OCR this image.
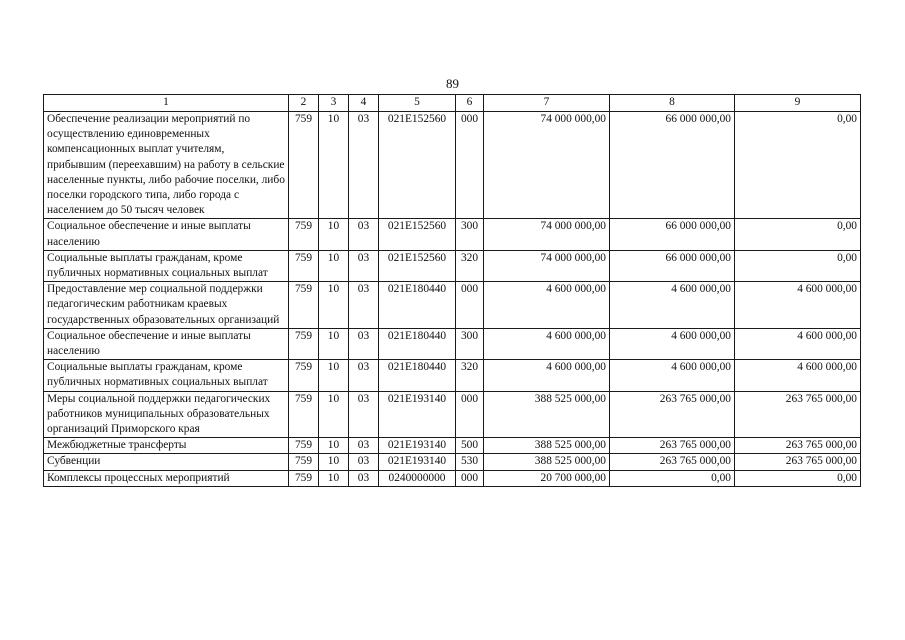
89
1	2	3	4	5	6	7	8	9
Обеспечение реализации мероприятий по осуществлению единовременных компенсационных выплат учителям, прибывшим (переехавшим) на работу в сельские населенные пункты, либо рабочие поселки, либо поселки городского типа, либо города с населением до 50 тысяч человек	759	10	03	021E152560	000	74 000 000,00	66 000 000,00	0,00
Социальное обеспечение и иные выплаты населению	759	10	03	021E152560	300	74 000 000,00	66 000 000,00	0,00
Социальные выплаты гражданам, кроме публичных нормативных социальных выплат	759	10	03	021E152560	320	74 000 000,00	66 000 000,00	0,00
Предоставление мер социальной поддержки педагогическим работникам краевых государственных образовательных организаций	759	10	03	021E180440	000	4 600 000,00	4 600 000,00	4 600 000,00
Социальное обеспечение и иные выплаты населению	759	10	03	021E180440	300	4 600 000,00	4 600 000,00	4 600 000,00
Социальные выплаты гражданам, кроме публичных нормативных социальных выплат	759	10	03	021E180440	320	4 600 000,00	4 600 000,00	4 600 000,00
Меры социальной поддержки педагогических работников муниципальных образовательных организаций Приморского края	759	10	03	021E193140	000	388 525 000,00	263 765 000,00	263 765 000,00
Межбюджетные трансферты	759	10	03	021E193140	500	388 525 000,00	263 765 000,00	263 765 000,00
Субвенции	759	10	03	021E193140	530	388 525 000,00	263 765 000,00	263 765 000,00
Комплексы процессных мероприятий	759	10	03	0240000000	000	20 700 000,00	0,00	0,00
